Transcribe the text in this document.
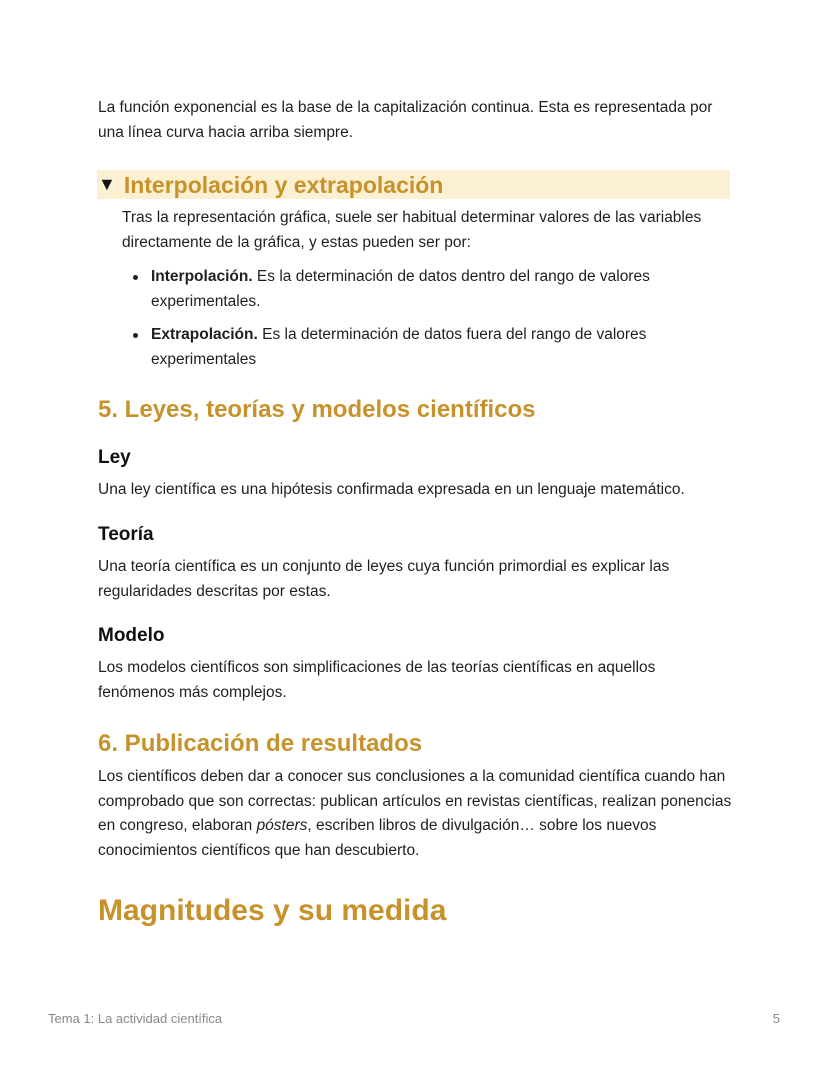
La función exponencial es la base de la capitalización continua. Esta es representada por una línea curva hacia arriba siempre.

▼ Interpolación y extrapolación

Tras la representación gráfica, suele ser habitual determinar valores de las variables directamente de la gráfica, y estas pueden ser por:

Interpolación. Es la determinación de datos dentro del rango de valores experimentales.
Extrapolación. Es la determinación de datos fuera del rango de valores experimentales
5. Leyes, teorías y modelos científicos
Ley

Una ley científica es una hipótesis confirmada expresada en un lenguaje matemático.

Teoría

Una teoría científica es un conjunto de leyes cuya función primordial es explicar las regularidades descritas por estas.

Modelo

Los modelos científicos son simplificaciones de las teorías científicas en aquellos fenómenos más complejos.

6. Publicación de resultados

Los científicos deben dar a conocer sus conclusiones a la comunidad científica cuando han comprobado que son correctas: publican artículos en revistas científicas, realizan ponencias en congreso, elaboran pósters, escriben libros de divulgación… sobre los nuevos conocimientos científicos que han descubierto.

Magnitudes y su medida
Tema 1: La actividad científica	5
